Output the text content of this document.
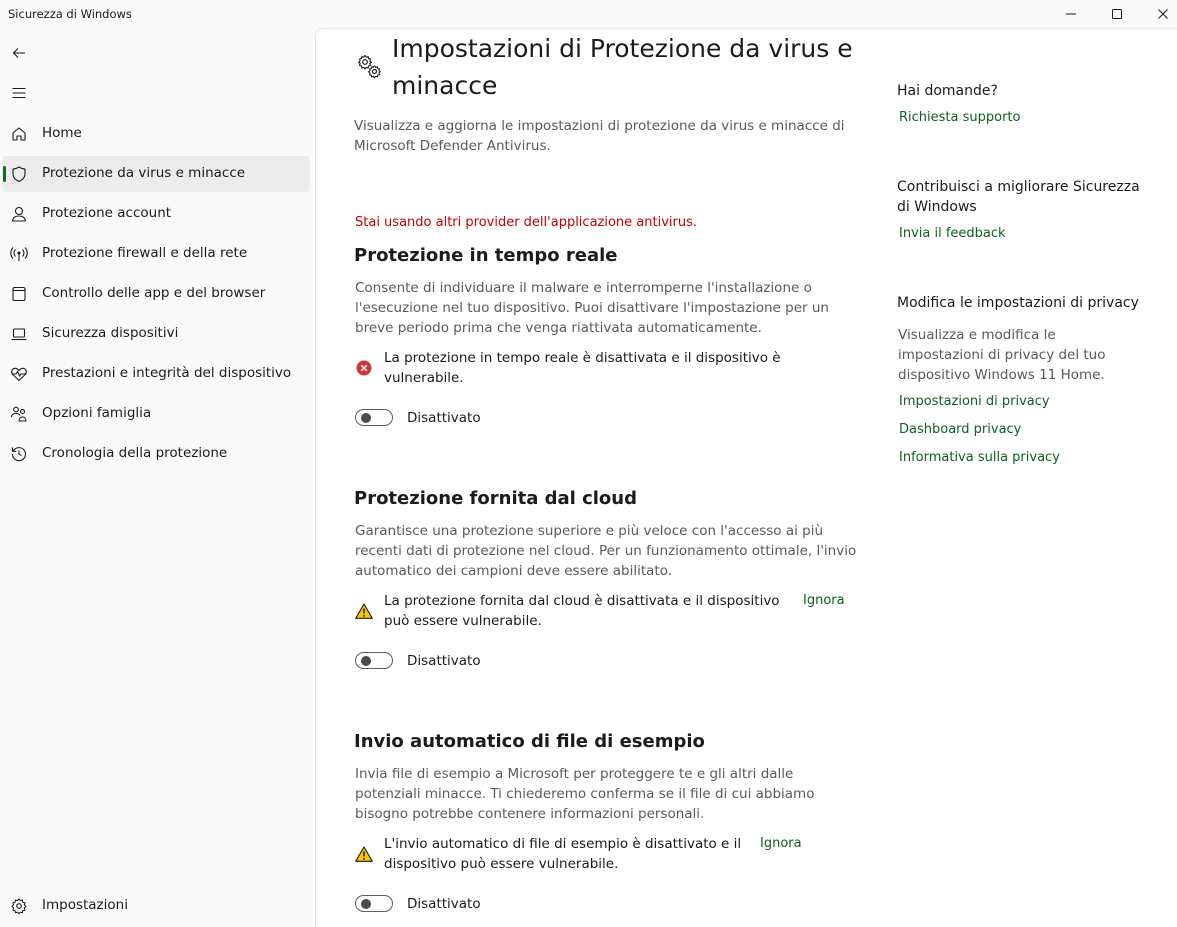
Sicurezza di Windows
Home
Protezione da virus e minacce
Protezione account
Protezione firewall e della rete
Controllo delle app e del browser
Sicurezza dispositivi
Prestazioni e integrità del dispositivo
Opzioni famiglia
Cronologia della protezione
Impostazioni
Impostazioni di Protezione da virus e
minacce
Visualizza e aggiorna le impostazioni di protezione da virus e minacce di
Microsoft Defender Antivirus.
Stai usando altri provider dell'applicazione antivirus.
Protezione in tempo reale
Consente di individuare il malware e interromperne l'installazione o
l'esecuzione nel tuo dispositivo. Puoi disattivare l'impostazione per un
breve periodo prima che venga riattivata automaticamente.
La protezione in tempo reale è disattivata e il dispositivo è
vulnerabile.
Disattivato
Protezione fornita dal cloud
Garantisce una protezione superiore e più veloce con l'accesso ai più
recenti dati di protezione nel cloud. Per un funzionamento ottimale, l'invio
automatico dei campioni deve essere abilitato.
La protezione fornita dal cloud è disattivata e il dispositivo
può essere vulnerabile.
Ignora
Disattivato
Invio automatico di file di esempio
Invia file di esempio a Microsoft per proteggere te e gli altri dalle
potenziali minacce. Ti chiederemo conferma se il file di cui abbiamo
bisogno potrebbe contenere informazioni personali.
L'invio automatico di file di esempio è disattivato e il
dispositivo può essere vulnerabile.
Ignora
Disattivato
Hai domande?
Richiesta supporto
Contribuisci a migliorare Sicurezza
di Windows
Invia il feedback
Modifica le impostazioni di privacy
Visualizza e modifica le
impostazioni di privacy del tuo
dispositivo Windows 11 Home.
Impostazioni di privacy
Dashboard privacy
Informativa sulla privacy
